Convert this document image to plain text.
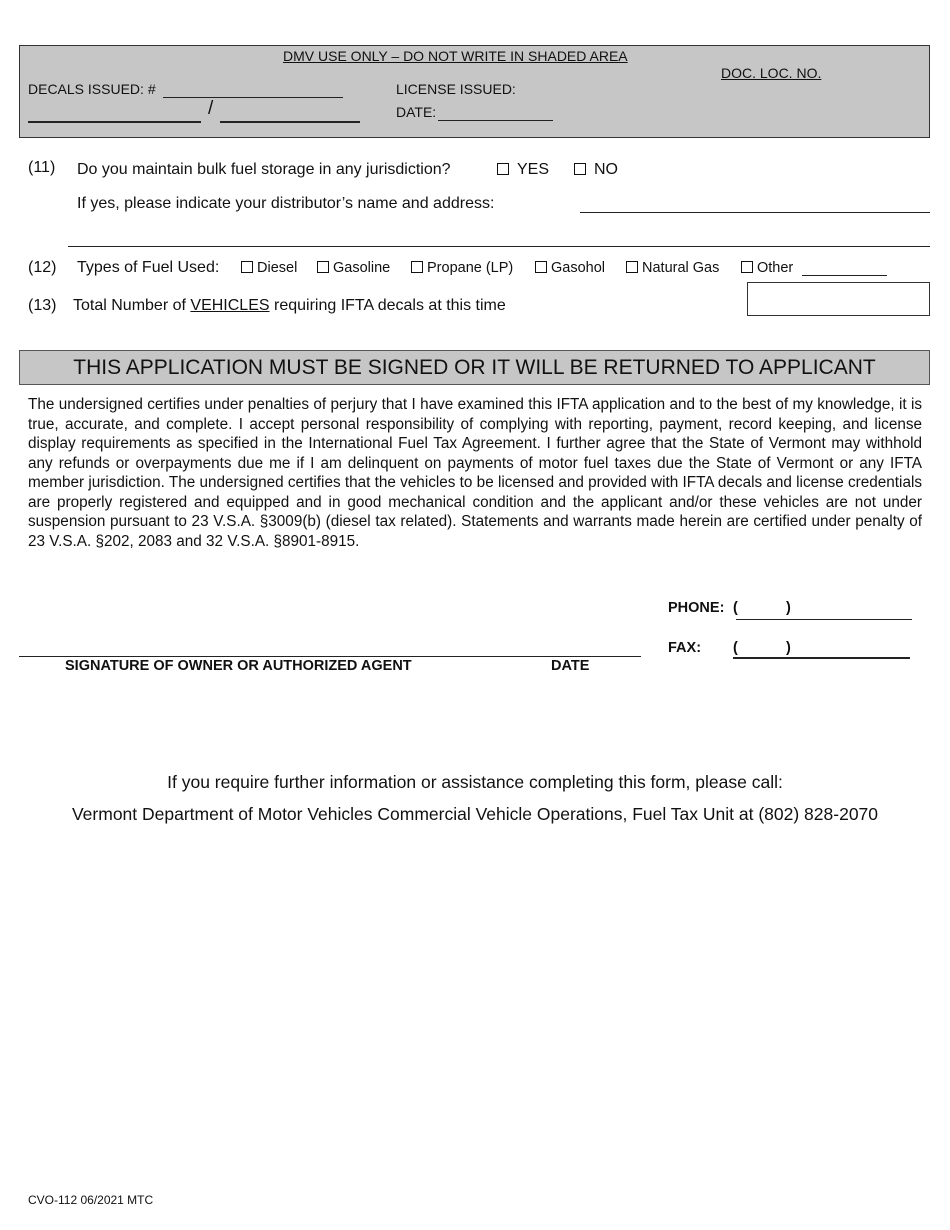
DMV USE ONLY – DO NOT WRITE IN SHADED AREA
DOC. LOC. NO.
DECALS ISSUED: #	LICENSE ISSUED:
/	DATE:
(11) Do you maintain bulk fuel storage in any jurisdiction?	YES	NO
If yes, please indicate your distributor’s name and address:
(12) Types of Fuel Used:	Diesel	Gasoline	Propane (LP)	Gasohol	Natural Gas	Other
(13) Total Number of VEHICLES requiring IFTA decals at this time
THIS APPLICATION MUST BE SIGNED OR IT WILL BE RETURNED TO APPLICANT

The undersigned certifies under penalties of perjury that I have examined this IFTA application and to the best of my knowledge, it is true, accurate, and complete. I accept personal responsibility of complying with reporting, payment, record keeping, and license display requirements as specified in the International Fuel Tax Agreement. I further agree that the State of Vermont may withhold any refunds or overpayments due me if I am delinquent on payments of motor fuel taxes due the State of Vermont or any IFTA member jurisdiction. The undersigned certifies that the vehicles to be licensed and provided with IFTA decals and license credentials are properly registered and equipped and in good mechanical condition and the applicant and/or these vehicles are not under suspension pursuant to 23 V.S.A. §3009(b) (diesel tax related). Statements and warrants made herein are certified under penalty of 23 V.S.A. §202, 2083 and 32 V.S.A. §8901-8915.

SIGNATURE OF OWNER OR AUTHORIZED AGENT	DATE
PHONE: (	)
FAX: (	)
If you require further information or assistance completing this form, please call:
Vermont Department of Motor Vehicles Commercial Vehicle Operations, Fuel Tax Unit at (802) 828-2070
CVO-112 06/2021 MTC
